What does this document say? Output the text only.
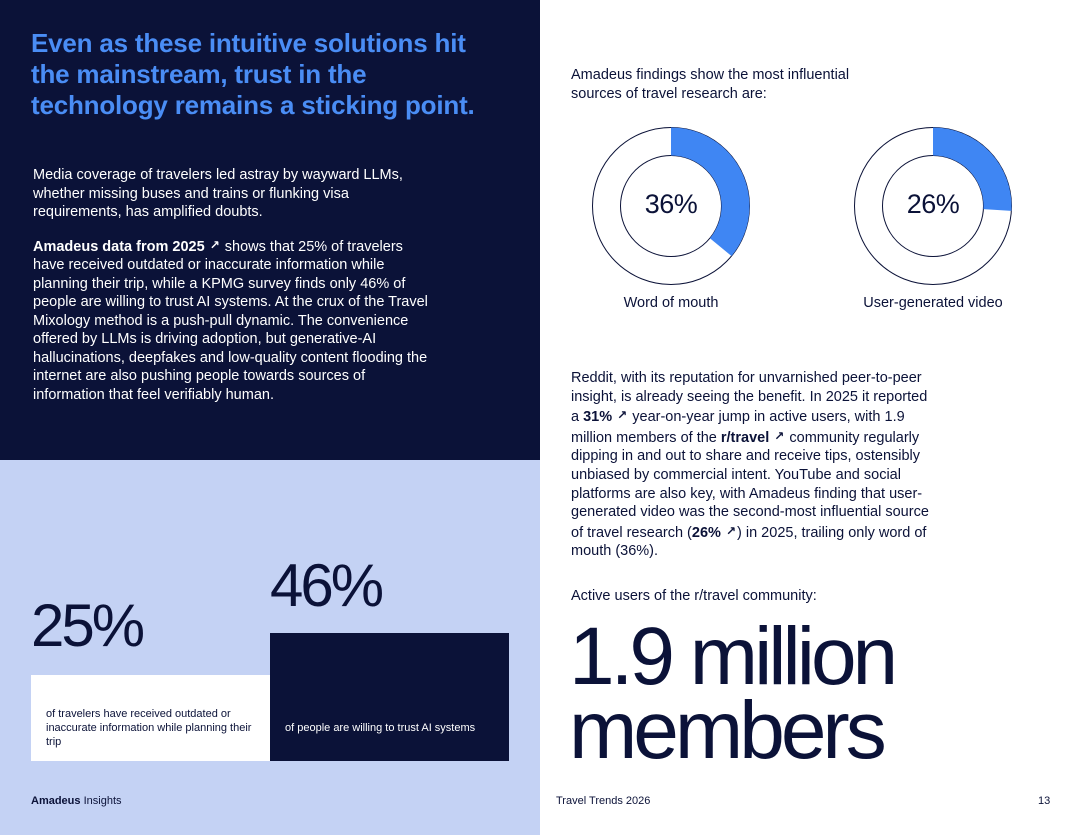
Even as these intuitive solutions hit the mainstream, trust in the technology remains a sticking point.

Media coverage of travelers led astray by wayward LLMs, whether missing buses and trains or flunking visa requirements, has amplified doubts.

Amadeus data from 2025 ↗ shows that 25% of travelers have received outdated or inaccurate information while planning their trip, while a KPMG survey finds only 46% of people are willing to trust AI systems. At the crux of the Travel Mixology method is a push-pull dynamic. The convenience offered by LLMs is driving adoption, but generative-AI hallucinations, deepfakes and low-quality content flooding the internet are also pushing people towards sources of information that feel verifiably human.

25%
46%
of travelers have received outdated or inaccurate information while planning their trip
of people are willing to trust AI systems
Amadeus findings show the most influential sources of travel research are:
36%	26%
Word of mouth	User-generated video
Reddit, with its reputation for unvarnished peer-to-peer insight, is already seeing the benefit. In 2025 it reported a 31% ↗ year-on-year jump in active users, with 1.9 million members of the r/travel ↗ community regularly dipping in and out to share and receive tips, ostensibly unbiased by commercial intent. YouTube and social platforms are also key, with Amadeus finding that user-generated video was the second-most influential source of travel research (26% ↗) in 2025, trailing only word of mouth (36%).
Active users of the r/travel community:
1.9 million
members
Amadeus Insights	Travel Trends 2026	13
